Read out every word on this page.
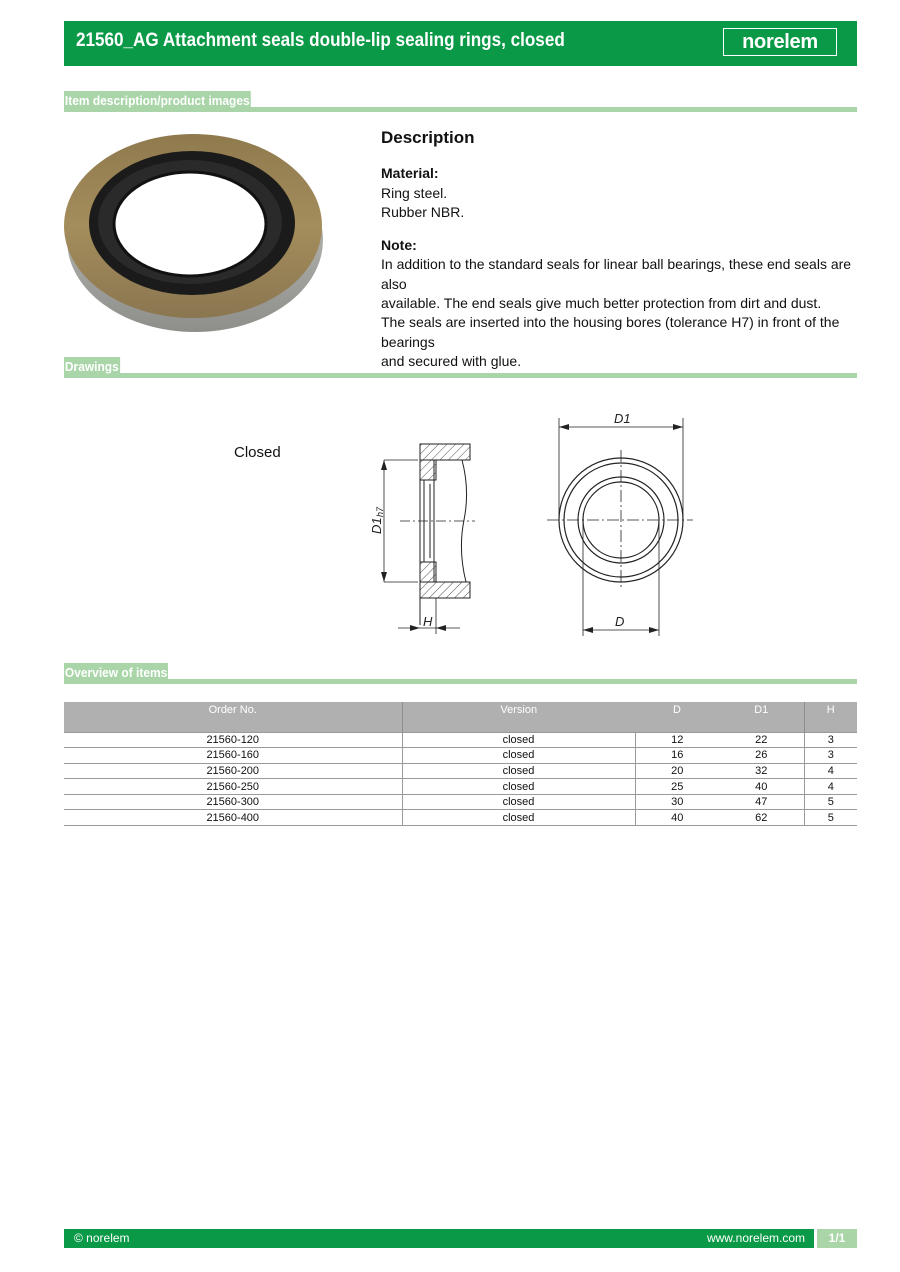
21560_AG Attachment seals double-lip sealing rings, closed	norelem
Item description/product images
Description
Material:
Ring steel.
Rubber NBR.
Note:
In addition to the standard seals for linear ball bearings, these end seals are also
available. The end seals give much better protection from dirt and dust.
The seals are inserted into the housing bores (tolerance H7) in front of the bearings
and secured with glue.
Drawings
Closed
D1
h7
H
D1
D
Overview of items
Order No.	Version	D	D1	H
21560-120	closed	12	22	3
21560-160	closed	16	26	3
21560-200	closed	20	32	4
21560-250	closed	25	40	4
21560-300	closed	30	47	5
21560-400	closed	40	62	5
© norelem	www.norelem.com	1/1
